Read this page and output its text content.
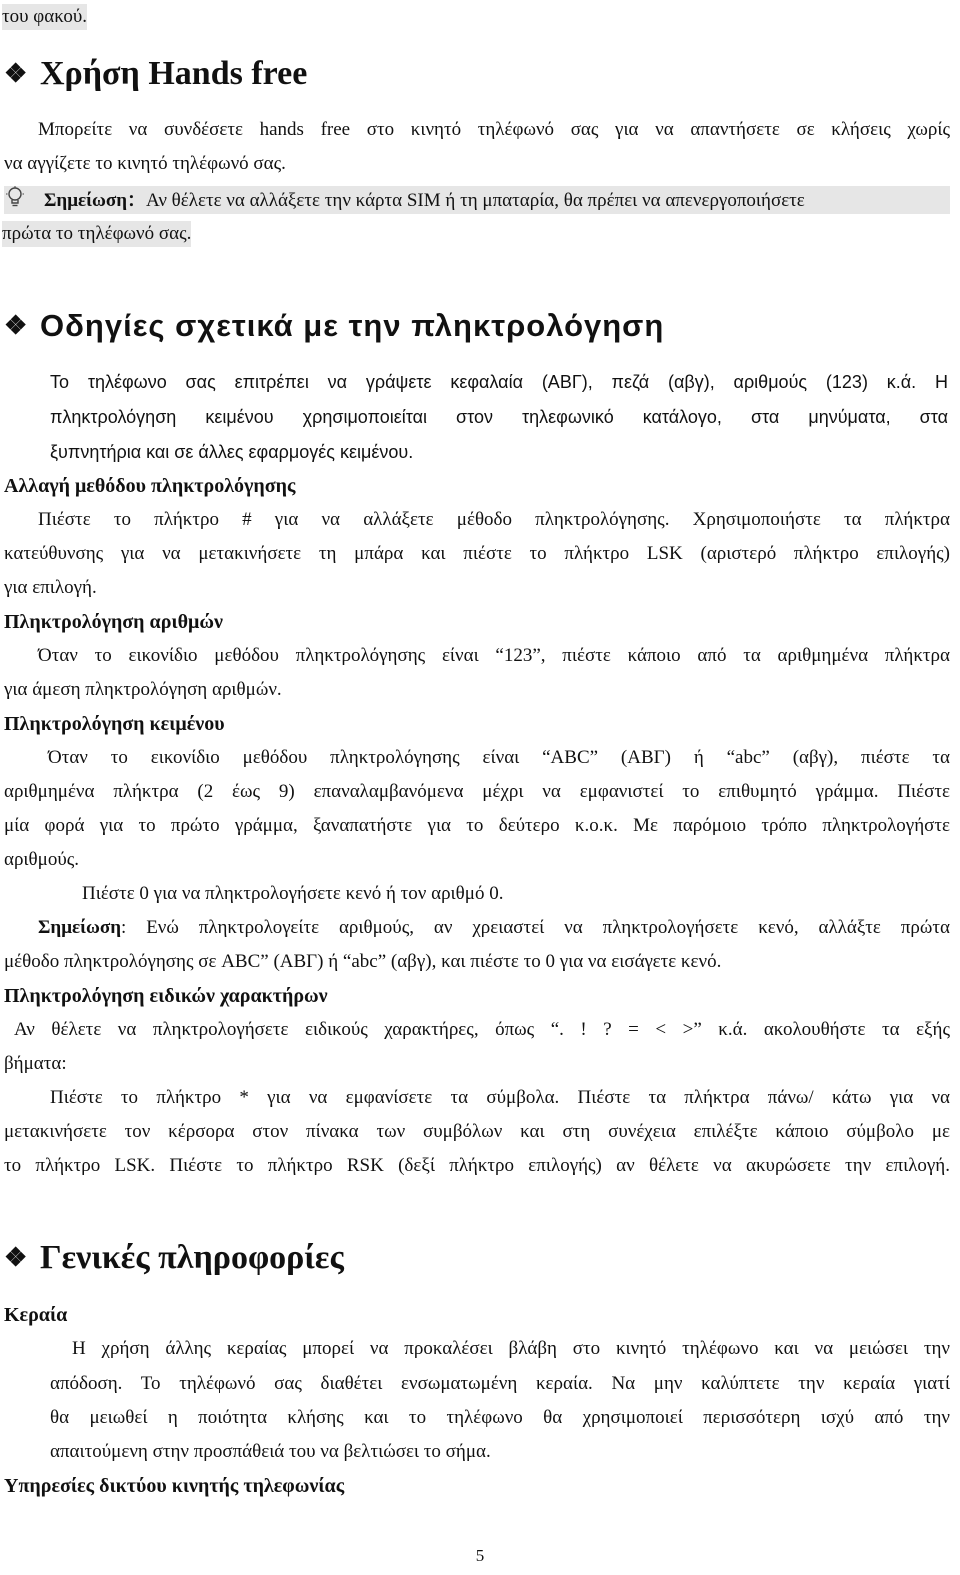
του φακού.
❖ Χρήση Hands free
Μπορείτε να συνδέσετε hands free στο κινητό τηλέφωνό σας για να απαντήσετε σε κλήσεις χωρίς
να αγγίζετε το κινητό τηλέφωνό σας.
Σημείωση：Αν θέλετε να αλλάξετε την κάρτα SIM ή τη μπαταρία, θα πρέπει να απενεργοποιήσετε
πρώτα το τηλέφωνό σας.
❖ Οδηγίες σχετικά με την πληκτρολόγηση
Το τηλέφωνο σας επιτρέπει να γράψετε κεφαλαία (ΑΒΓ), πεζά (αβγ), αριθμούς (123) κ.ά. Η
πληκτρολόγηση κειμένου χρησιμοποιείται στον τηλεφωνικό κατάλογο, στα μηνύματα, στα
ξυπνητήρια και σε άλλες εφαρμογές κειμένου.
Αλλαγή μεθόδου πληκτρολόγησης
Πιέστε το πλήκτρο # για να αλλάξετε μέθοδο πληκτρολόγησης. Χρησιμοποιήστε τα πλήκτρα
κατεύθυνσης για να μετακινήσετε τη μπάρα και πιέστε το πλήκτρο LSK (αριστερό πλήκτρο επιλογής)
για επιλογή.
Πληκτρολόγηση αριθμών
Όταν το εικονίδιο μεθόδου πληκτρολόγησης είναι “123”, πιέστε κάποιο από τα αριθμημένα πλήκτρα
για άμεση πληκτρολόγηση αριθμών.
Πληκτρολόγηση κειμένου
Όταν το εικονίδιο μεθόδου πληκτρολόγησης είναι “ABC” (ΑΒΓ) ή “abc” (αβγ), πιέστε τα
αριθμημένα πλήκτρα (2 έως 9) επαναλαμβανόμενα μέχρι να εμφανιστεί το επιθυμητό γράμμα. Πιέστε
μία φορά για το πρώτο γράμμα, ξαναπατήστε για το δεύτερο κ.ο.κ. Με παρόμοιο τρόπο πληκτρολογήστε
αριθμούς.
Πιέστε 0 για να πληκτρολογήσετε κενό ή τον αριθμό 0.
Σημείωση: Ενώ πληκτρολογείτε αριθμούς, αν χρειαστεί να πληκτρολογήσετε κενό, αλλάξτε πρώτα
μέθοδο πληκτρολόγησης σε ABC” (ΑΒΓ) ή “abc” (αβγ), και πιέστε το 0 για να εισάγετε κενό.
Πληκτρολόγηση ειδικών χαρακτήρων
Αν θέλετε να πληκτρολογήσετε ειδικούς χαρακτήρες, όπως “. ! ? = < >” κ.ά. ακολουθήστε τα εξής
βήματα:
Πιέστε το πλήκτρο * για να εμφανίσετε τα σύμβολα. Πιέστε τα πλήκτρα πάνω/ κάτω για να
μετακινήσετε τον κέρσορα στον πίνακα των συμβόλων και στη συνέχεια επιλέξτε κάποιο σύμβολο με
το πλήκτρο LSK. Πιέστε το πλήκτρο RSK (δεξί πλήκτρο επιλογής) αν θέλετε να ακυρώσετε την επιλογή.
❖ Γενικές πληροφορίες
Κεραία
Η χρήση άλλης κεραίας μπορεί να προκαλέσει βλάβη στο κινητό τηλέφωνο και να μειώσει την
απόδοση. Το τηλέφωνό σας διαθέτει ενσωματωμένη κεραία. Να μην καλύπτετε την κεραία γιατί
θα μειωθεί η ποιότητα κλήσης και το τηλέφωνο θα χρησιμοποιεί περισσότερη ισχύ από την
απαιτούμενη στην προσπάθειά του να βελτιώσει το σήμα.
Υπηρεσίες δικτύου κινητής τηλεφωνίας
5
